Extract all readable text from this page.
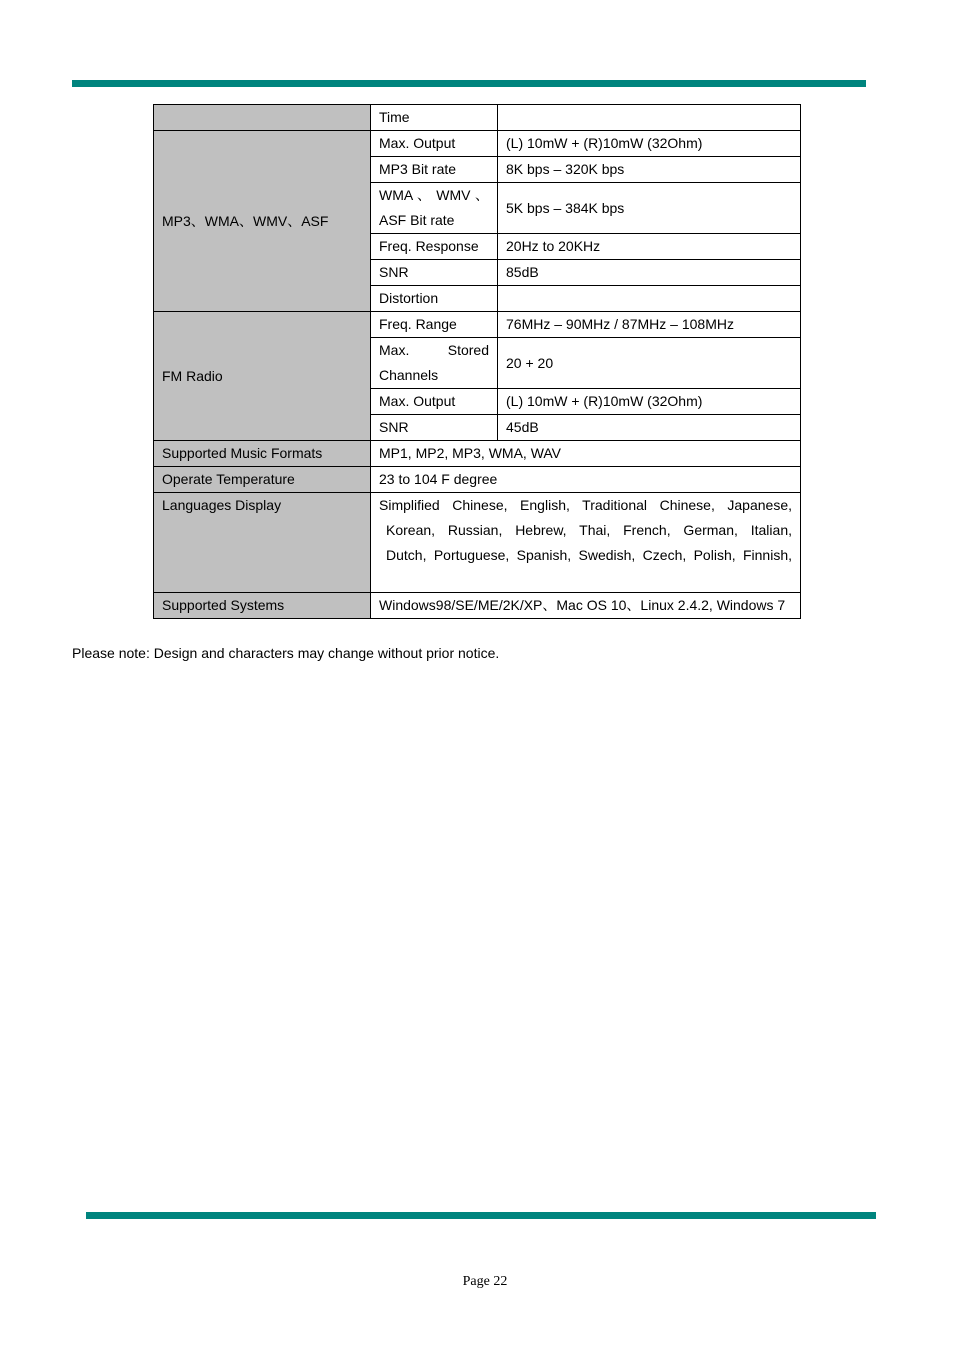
	Time	
MP3、WMA、WMV、ASF	Max. Output	(L) 10mW + (R)10mW (32Ohm)
	MP3 Bit rate	8K bps – 320K bps

	WMA 、 WMV 、
ASF Bit rate	5K bps – 384K bps
	Freq. Response	20Hz to 20KHz
	SNR	85dB
	Distortion	
FM Radio	Freq. Range	76MHz – 90MHz / 87MHz – 108MHz

	Max. Stored
Channels	20 + 20
	Max. Output	(L) 10mW + (R)10mW (32Ohm)
	SNR	45dB
Supported Music Formats	MP1, MP2, MP3, WMA, WAV	
Operate Temperature	23 to 104 F degree	
Languages Display	Simplified Chinese, English, Traditional Chinese, Japanese,
Korean, Russian, Hebrew, Thai, French, German, Italian,
Dutch, Portuguese, Spanish, Swedish, Czech, Polish, Finnish,	

Supported Systems	Windows98/SE/ME/2K/XP、Mac OS 10、Linux 2.4.2, Windows 7	
Please note: Design and characters may change without prior notice.
Page 22
